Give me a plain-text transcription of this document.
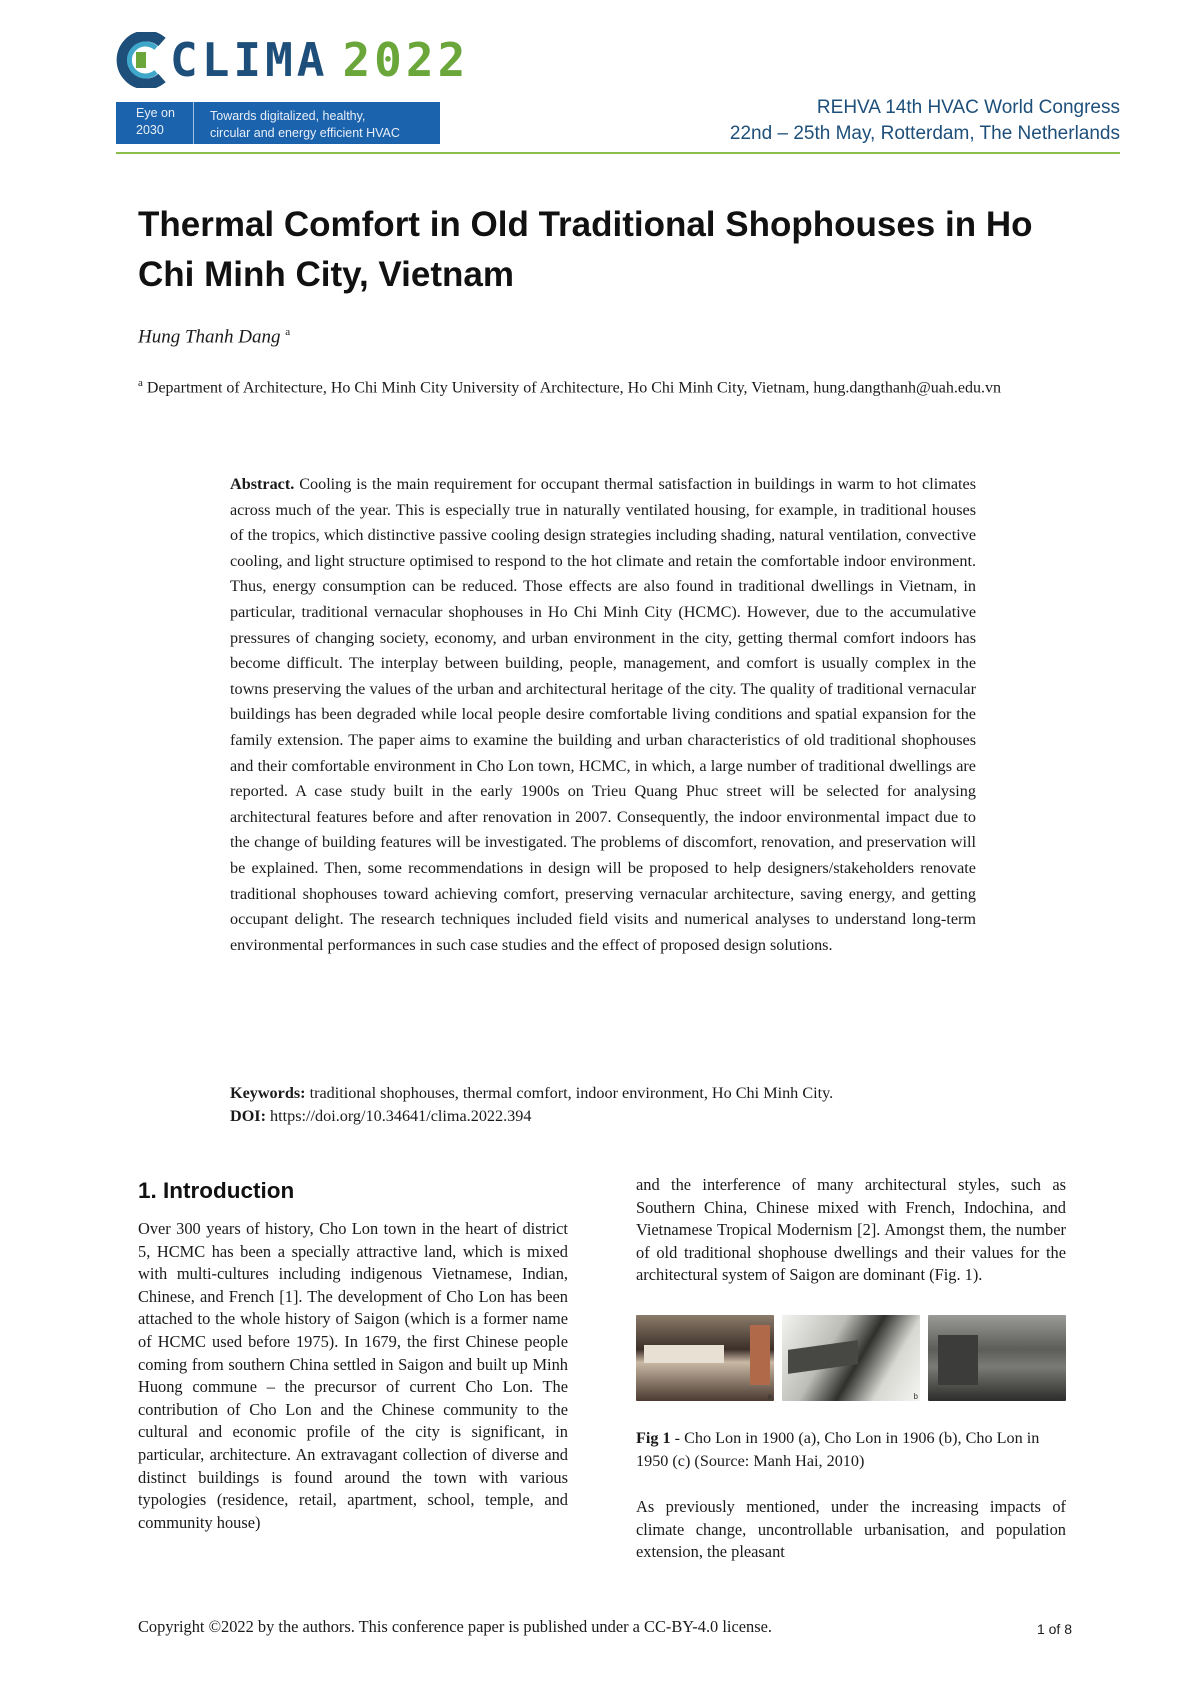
CLIMA 2022
Eye on
2030
Towards digitalized, healthy,
circular and energy efficient HVAC
REHVA 14th HVAC World Congress
22nd – 25th May, Rotterdam, The Netherlands
Thermal Comfort in Old Traditional Shophouses in Ho Chi Minh City, Vietnam
Hung Thanh Dang $^a$
$^a$ Department of Architecture, Ho Chi Minh City University of Architecture, Ho Chi Minh City, Vietnam, hung.dangthanh@uah.edu.vn
Abstract. Cooling is the main requirement for occupant thermal satisfaction in buildings in warm to hot climates across much of the year. This is especially true in naturally ventilated housing, for example, in traditional houses of the tropics, which distinctive passive cooling design strategies including shading, natural ventilation, convective cooling, and light structure optimised to respond to the hot climate and retain the comfortable indoor environment. Thus, energy consumption can be reduced. Those effects are also found in traditional dwellings in Vietnam, in particular, traditional vernacular shophouses in Ho Chi Minh City (HCMC). However, due to the accumulative pressures of changing society, economy, and urban environment in the city, getting thermal comfort indoors has become difficult. The interplay between building, people, management, and comfort is usually complex in the towns preserving the values of the urban and architectural heritage of the city. The quality of traditional vernacular buildings has been degraded while local people desire comfortable living conditions and spatial expansion for the family extension. The paper aims to examine the building and urban characteristics of old traditional shophouses and their comfortable environment in Cho Lon town, HCMC, in which, a large number of traditional dwellings are reported. A case study built in the early 1900s on Trieu Quang Phuc street will be selected for analysing architectural features before and after renovation in 2007. Consequently, the indoor environmental impact due to the change of building features will be investigated. The problems of discomfort, renovation, and preservation will be explained. Then, some recommendations in design will be proposed to help designers/stakeholders renovate traditional shophouses toward achieving comfort, preserving vernacular architecture, saving energy, and getting occupant delight. The research techniques included field visits and numerical analyses to understand long-term environmental performances in such case studies and the effect of proposed design solutions.
Keywords: traditional shophouses, thermal comfort, indoor environment, Ho Chi Minh City.
DOI: https://doi.org/10.34641/clima.2022.394
1. Introduction

Over 300 years of history, Cho Lon town in the heart of district 5, HCMC has been a specially attractive land, which is mixed with multi-cultures including indigenous Vietnamese, Indian, Chinese, and French [1]. The development of Cho Lon has been attached to the whole history of Saigon (which is a former name of HCMC used before 1975). In 1679, the first Chinese people coming from southern China settled in Saigon and built up Minh Huong commune – the precursor of current Cho Lon. The contribution of Cho Lon and the Chinese community to the cultural and economic profile of the city is significant, in particular, architecture. An extravagant collection of diverse and distinct buildings is found around the town with various typologies (residence, retail, apartment, school, temple, and community house)

and the interference of many architectural styles, such as Southern China, Chinese mixed with French, Indochina, and Vietnamese Tropical Modernism [2]. Amongst them, the number of old traditional shophouse dwellings and their values for the architectural system of Saigon are dominant (Fig. 1).

a	b	c

Fig 1 - Cho Lon in 1900 (a), Cho Lon in 1906 (b), Cho Lon in 1950 (c) (Source: Manh Hai, 2010)

As previously mentioned, under the increasing impacts of climate change, uncontrollable urbanisation, and population extension, the pleasant

Copyright ©2022 by the authors. This conference paper is published under a CC-BY-4.0 license.	1 of 8
